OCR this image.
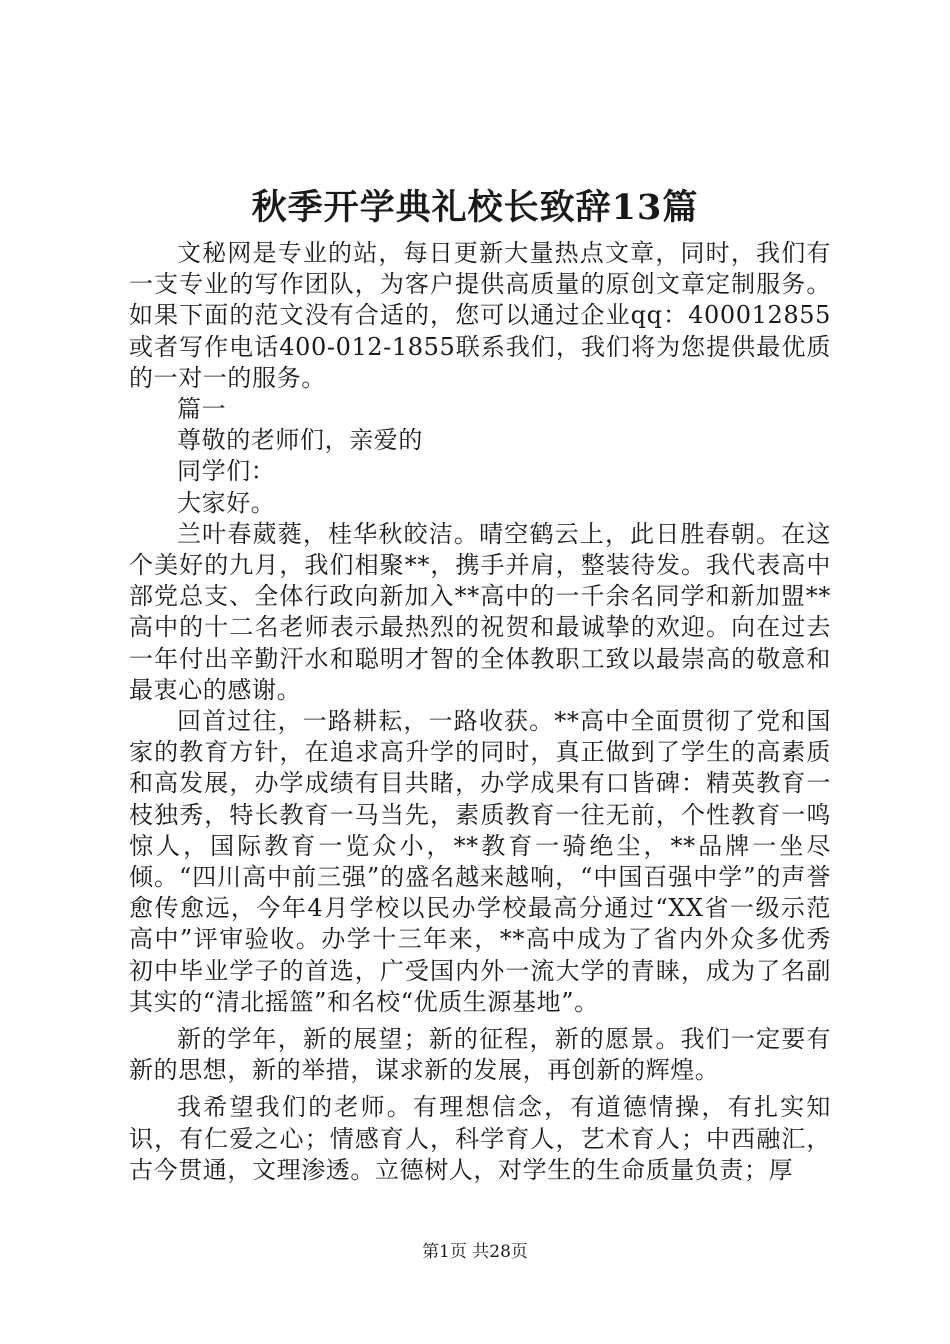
秋季开学典礼校长致辞13篇

文秘网是专业的站，每日更新大量热点文章，同时，我们有一支专业的写作团队，为客户提供高质量的原创文章定制服务。如果下面的范文没有合适的，您可以通过企业qq：400012855或者写作电话400-012-1855联系我们，我们将为您提供最优质的一对一的服务。

篇一

尊敬的老师们，亲爱的

同学们：

大家好。

兰叶春葳蕤，桂华秋皎洁。晴空鹤云上，此日胜春朝。在这个美好的九月，我们相聚**，携手并肩，整装待发。我代表高中部党总支、全体行政向新加入**高中的一千余名同学和新加盟**高中的十二名老师表示最热烈的祝贺和最诚挚的欢迎。向在过去一年付出辛勤汗水和聪明才智的全体教职工致以最崇高的敬意和最衷心的感谢。

回首过往，一路耕耘，一路收获。**高中全面贯彻了党和国家的教育方针，在追求高升学的同时，真正做到了学生的高素质和高发展，办学成绩有目共睹，办学成果有口皆碑：精英教育一枝独秀，特长教育一马当先，素质教育一往无前，个性教育一鸣惊人，国际教育一览众小，**教育一骑绝尘，**品牌一坐尽倾。“四川高中前三强”的盛名越来越响，“中国百强中学”的声誉愈传愈远，今年4月学校以民办学校最高分通过“XX省一级示范高中”评审验收。办学十三年来，**高中成为了省内外众多优秀初中毕业学子的首选，广受国内外一流大学的青睐，成为了名副其实的“清北摇篮”和名校“优质生源基地”。

新的学年，新的展望；新的征程，新的愿景。我们一定要有新的思想，新的举措，谋求新的发展，再创新的辉煌。

我希望我们的老师。有理想信念，有道德情操，有扎实知识，有仁爱之心；情感育人，科学育人，艺术育人；中西融汇，古今贯通，文理渗透。立德树人，对学生的生命质量负责；厚

第1页 共28页
